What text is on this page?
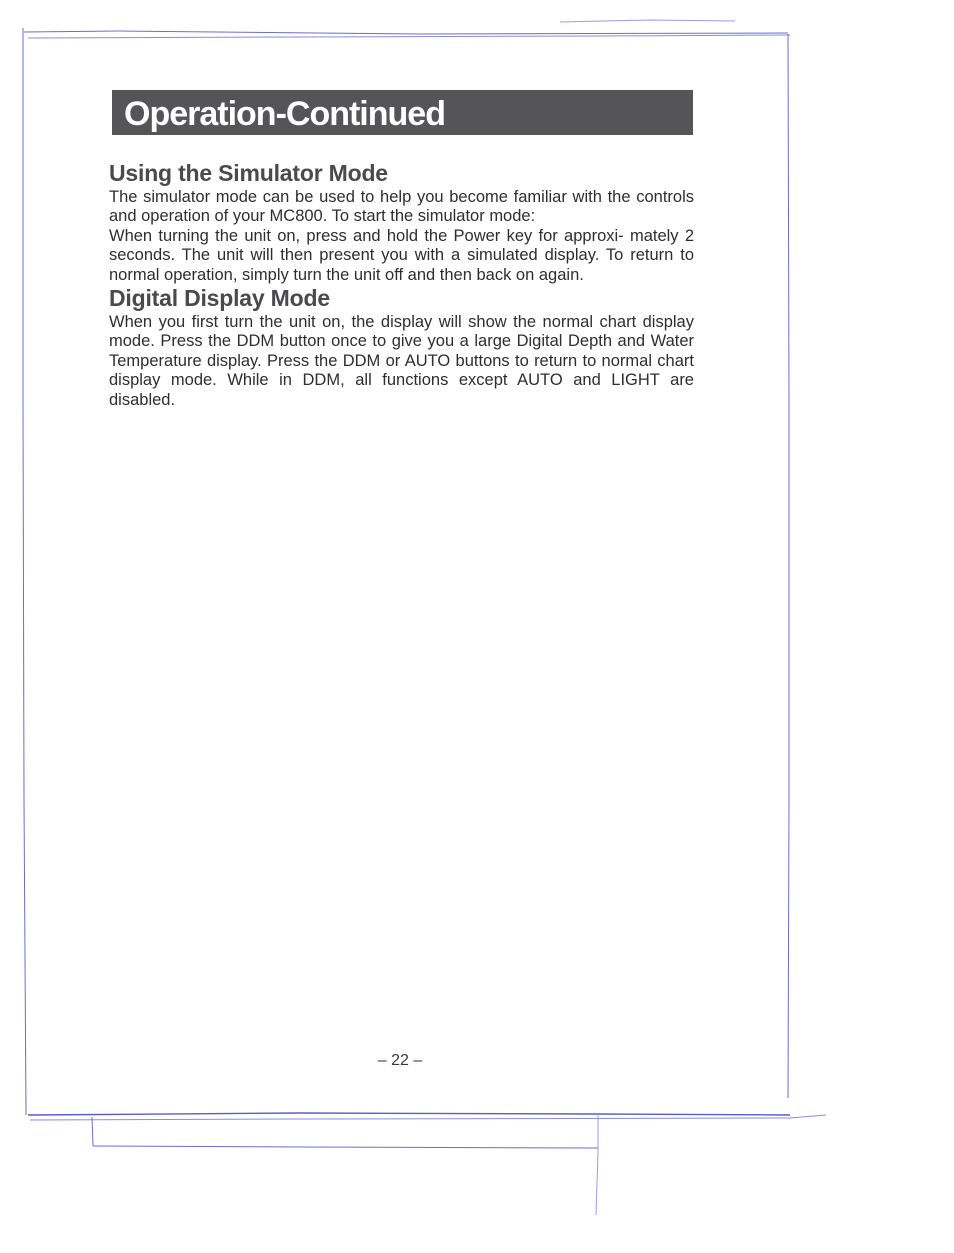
Operation-Continued
Using the Simulator Mode

The simulator mode can be used to help you become familiar with the controls and operation of your MC800. To start the simulator mode:

When turning the unit on, press and hold the Power key for approxi- mately 2 seconds. The unit will then present you with a simulated display. To return to normal operation, simply turn the unit off and then back on again.

Digital Display Mode

When you first turn the unit on, the display will show the normal chart display mode. Press the DDM button once to give you a large Digital Depth and Water Temperature display. Press the DDM or AUTO buttons to return to normal chart display mode. While in DDM, all functions except AUTO and LIGHT are disabled.

– 22 –
